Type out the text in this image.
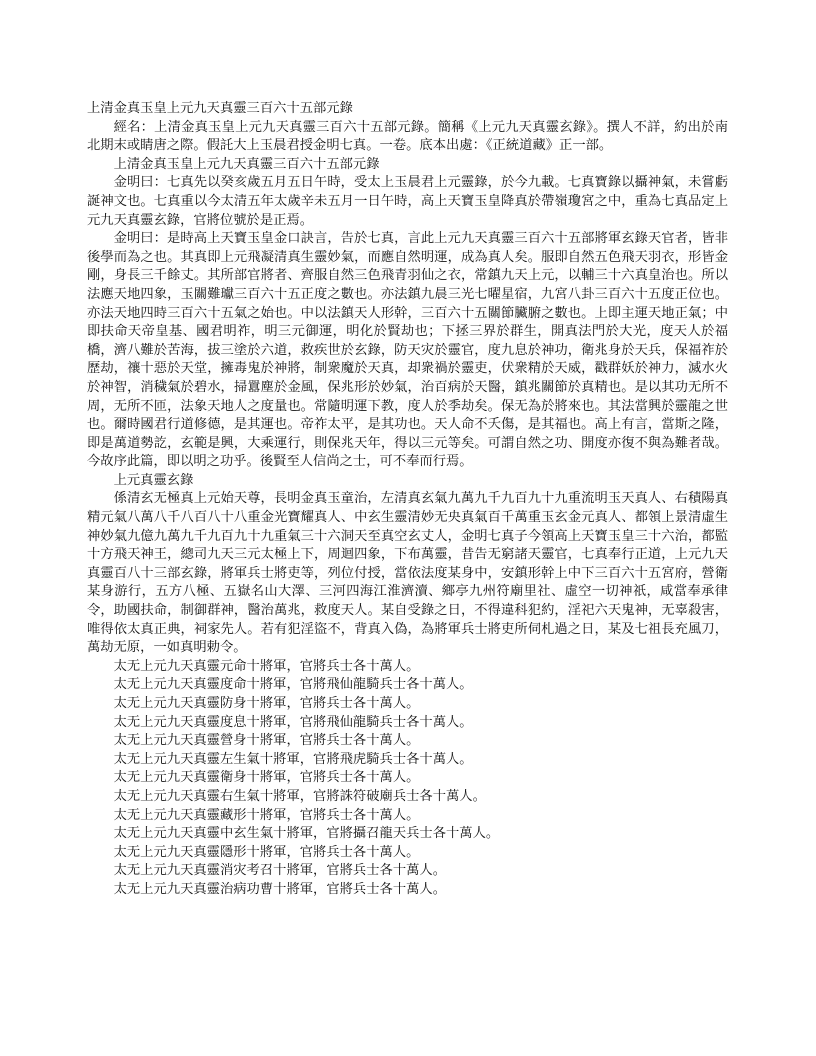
上清金真玉皇上元九天真靈三百六十五部元錄

經名：上清金真玉皇上元九天真靈三百六十五部元錄。簡稱《上元九天真靈玄錄》。撰人不詳，約出於南北期末或睛唐之際。假託大上玉晨君授金明七真。一卷。底本出處：《正統道藏》正一部。

上清金真玉皇上元九天真靈三百六十五部元錄

金明曰：七真先以癸亥歲五月五日午時，受太上玉晨君上元靈錄，於今九載。七真寶錄以攝神氣，未嘗虧誕神文也。七真重以今太清五年太歲辛未五月一日午時，高上天寶玉皇降真於帶嶺瓊宮之中，重為七真品定上元九天真靈玄錄，官將位號於是正焉。

金明曰：是時高上天寶玉皇金口訣言，告於七真，言此上元九天真靈三百六十五部將軍玄錄天官者，皆非後學而為之也。其真即上元飛凝清真生靈妙氣，而應自然明運，成為真人矣。服即自然五色飛天羽衣，形皆金剛，身長三千餘丈。其所部官將者、齊服自然三色飛青羽仙之衣，常鎮九天上元，以輔三十六真皇治也。所以法應天地四象，玉關難瓛三百六十五正度之數也。亦法鎮九晨三光七曜星宿，九宮八卦三百六十五度正位也。亦法天地四時三百六十五氣之始也。中以法鎮天人形幹，三百六十五關節臟腑之數也。上即主運天地正氣；中即扶命天帝皇基、國君明祚，明三元御運，明化於賢劫也；下拯三界於群生，開真法門於大光，度天人於福橋，濟八難於苦海，拔三塗於六道，救疾世於玄錄，防天灾於靈官，度九息於神功，衛兆身於天兵，保福祚於歷劫，禳十惡於天堂，擁毒鬼於神將，制衆魔於天真，却衆禍於靈吏，伏衆精於天威，戳群妖於神力，滅水火於神智，消穢氣於碧水，掃囂塵於金風，保兆形於妙氣，治百病於天醫，鎮兆關節於真精也。是以其功无所不周，无所不匝，法象天地人之度量也。常隨明運下教，度人於季劫矣。保无為於將來也。其法當興於靈龍之世也。爾時國君行道修德，是其運也。帝祚太平，是其功也。天人命不夭傷，是其福也。高上有言，當斯之隆，即是萬道勢訖，玄範是興，大乘運行，則保兆天年，得以三元等矣。可謂自然之功、開度亦復不與為難者哉。今故序此篇，即以明之功乎。後賢至人信尚之士，可不奉而行焉。

上元真靈玄錄

係清玄无極真上元始天尊，長明金真玉童治，左清真玄氣九萬九千九百九十九重流明玉天真人、右積陽真精元氣八萬八千八百八十八重金光寶耀真人、中玄生靈清妙无央真氣百千萬重玉玄金元真人、都領上景清虛生神妙氣九億九萬九千九百九十九重氣三十六洞天至真空玄丈人，金明七真子今領高上天寶玉皇三十六治，都監十方飛天神王，總司九天三元太極上下，周迴四象，下布萬靈，昔告无窮諸天靈官，七真奉行正道，上元九天真靈百八十三部玄錄，將軍兵士將吏等，列位付授，當依法度某身中，安鎮形幹上中下三百六十五宮府，營衛某身游行，五方八極、五嶽名山大澤、三河四海江淮濟瀆、鄉亭九州符廟里社、虛空一切神祇，咸當奉承律令，助國扶命，制御群神，醫治萬兆，救度天人。某自受錄之日，不得違科犯約，淫祀六天鬼神，无辜殺害，唯得依太真正典，祠家先人。若有犯淫盜不，背真入偽，為將軍兵士將吏所伺札過之日，某及七祖長充風刀，萬劫无原，一如真明勅令。

太无上元九天真靈元命十將軍，官將兵士各十萬人。

太无上元九天真靈度命十將軍，官將飛仙龍騎兵士各十萬人。

太无上元九天真靈防身十將軍，官將兵士各十萬人。

太无上元九天真靈度息十將軍，官將飛仙龍騎兵士各十萬人。

太无上元九天真靈營身十將軍，官將兵士各十萬人。

太无上元九天真靈左生氣十將軍，官將飛虎騎兵士各十萬人。

太无上元九天真靈衛身十將軍，官將兵士各十萬人。

太无上元九天真靈右生氣十將軍，官將誅符破廟兵士各十萬人。

太无上元九天真靈藏形十將軍，官將兵士各十萬人。

太无上元九天真靈中玄生氣十將軍，官將攝召龍天兵士各十萬人。

太无上元九天真靈隱形十將軍，官將兵士各十萬人。

太无上元九天真靈消灾考召十將軍，官將兵士各十萬人。

太无上元九天真靈治病功曹十將軍，官將兵士各十萬人。
